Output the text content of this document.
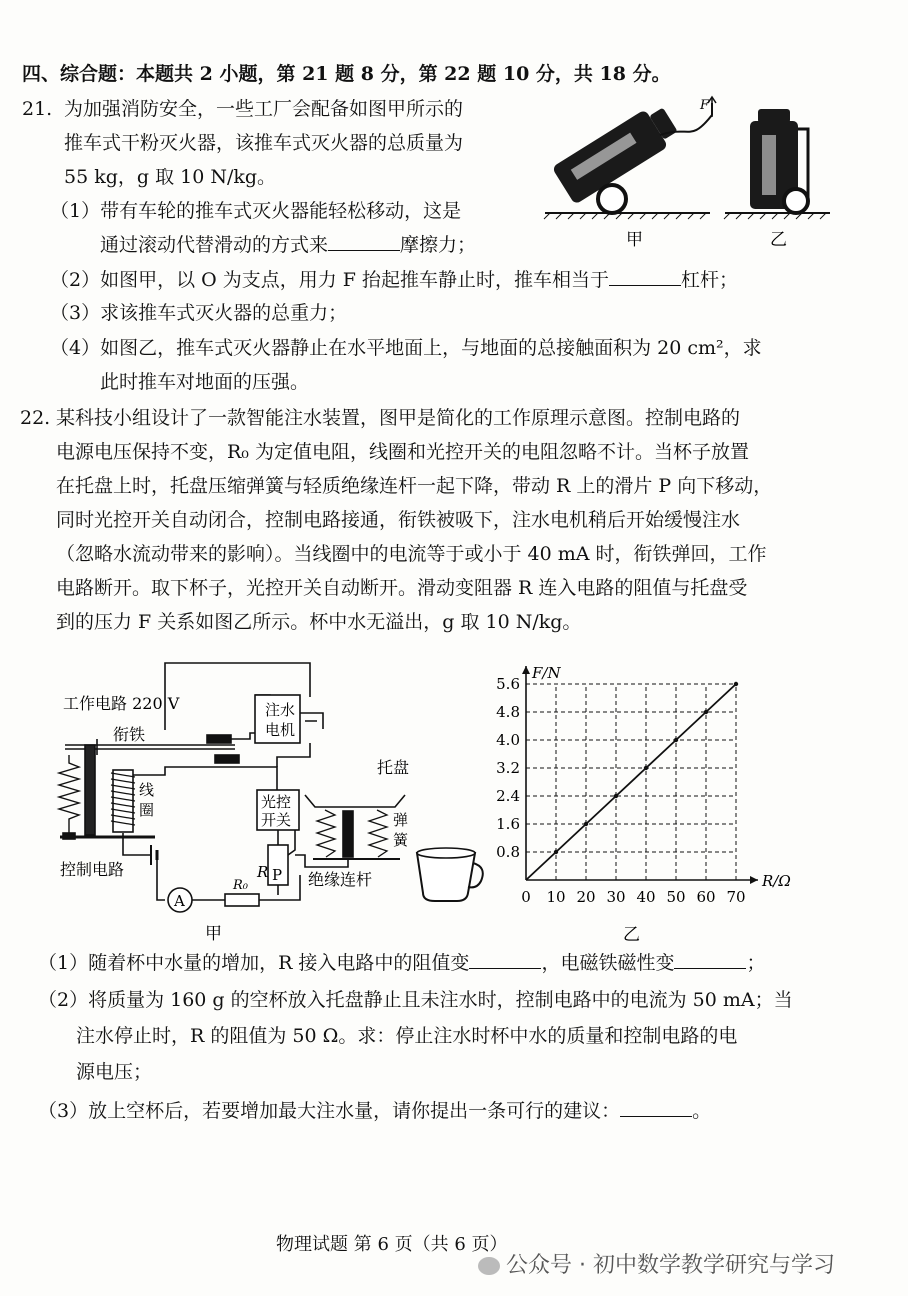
四、综合题：本题共 2 小题，第 21 题 8 分，第 22 题 10 分，共 18 分。
21. 为加强消防安全，一些工厂会配备如图甲所示的
推车式干粉灭火器，该推车式灭火器的总质量为
55 kg，g 取 10 N/kg。
（1）带有车轮的推车式灭火器能轻松移动，这是
通过滚动代替滑动的方式来	摩擦力；
（2）如图甲，以 O 为支点，用力 F 抬起推车静止时，推车相当于	杠杆；
（3）求该推车式灭火器的总重力；
（4）如图乙，推车式灭火器静止在水平地面上，与地面的总接触面积为 20 cm²，求
此时推车对地面的压强。
F
甲	乙
22. 某科技小组设计了一款智能注水装置，图甲是简化的工作原理示意图。控制电路的
电源电压保持不变，R₀ 为定值电阻，线圈和光控开关的电阻忽略不计。当杯子放置
在托盘上时，托盘压缩弹簧与轻质绝缘连杆一起下降，带动 R 上的滑片 P 向下移动，
同时光控开关自动闭合，控制电路接通，衔铁被吸下，注水电机稍后开始缓慢注水
（忽略水流动带来的影响）。当线圈中的电流等于或小于 40 mA 时，衔铁弹回，工作
电路断开。取下杯子，光控开关自动断开。滑动变阻器 R 连入电路的阻值与托盘受
到的压力 F 关系如图乙所示。杯中水无溢出，g 取 10 N/kg。
工作电路 220 V
衔铁
注水
电机
托盘
线
圈	光控
开关	弹
簧
控制电路
绝缘连杆
R P
R₀
A
甲
0 10 20 30 40 50 60 70
0.8
1.6
2.4
3.2
4.0
4.8
5.6
R/Ω
F/N
乙
（1）随着杯中水量的增加，R 接入电路中的阻值变	，电磁铁磁性变	；
（2）将质量为 160 g 的空杯放入托盘静止且未注水时，控制电路中的电流为 50 mA；当
注水停止时，R 的阻值为 50 Ω。求：停止注水时杯中水的质量和控制电路的电
源电压；
（3）放上空杯后，若要增加最大注水量，请你提出一条可行的建议：	。
物理试题 第 6 页（共 6 页）
公众号 · 初中数学教学研究与学习
